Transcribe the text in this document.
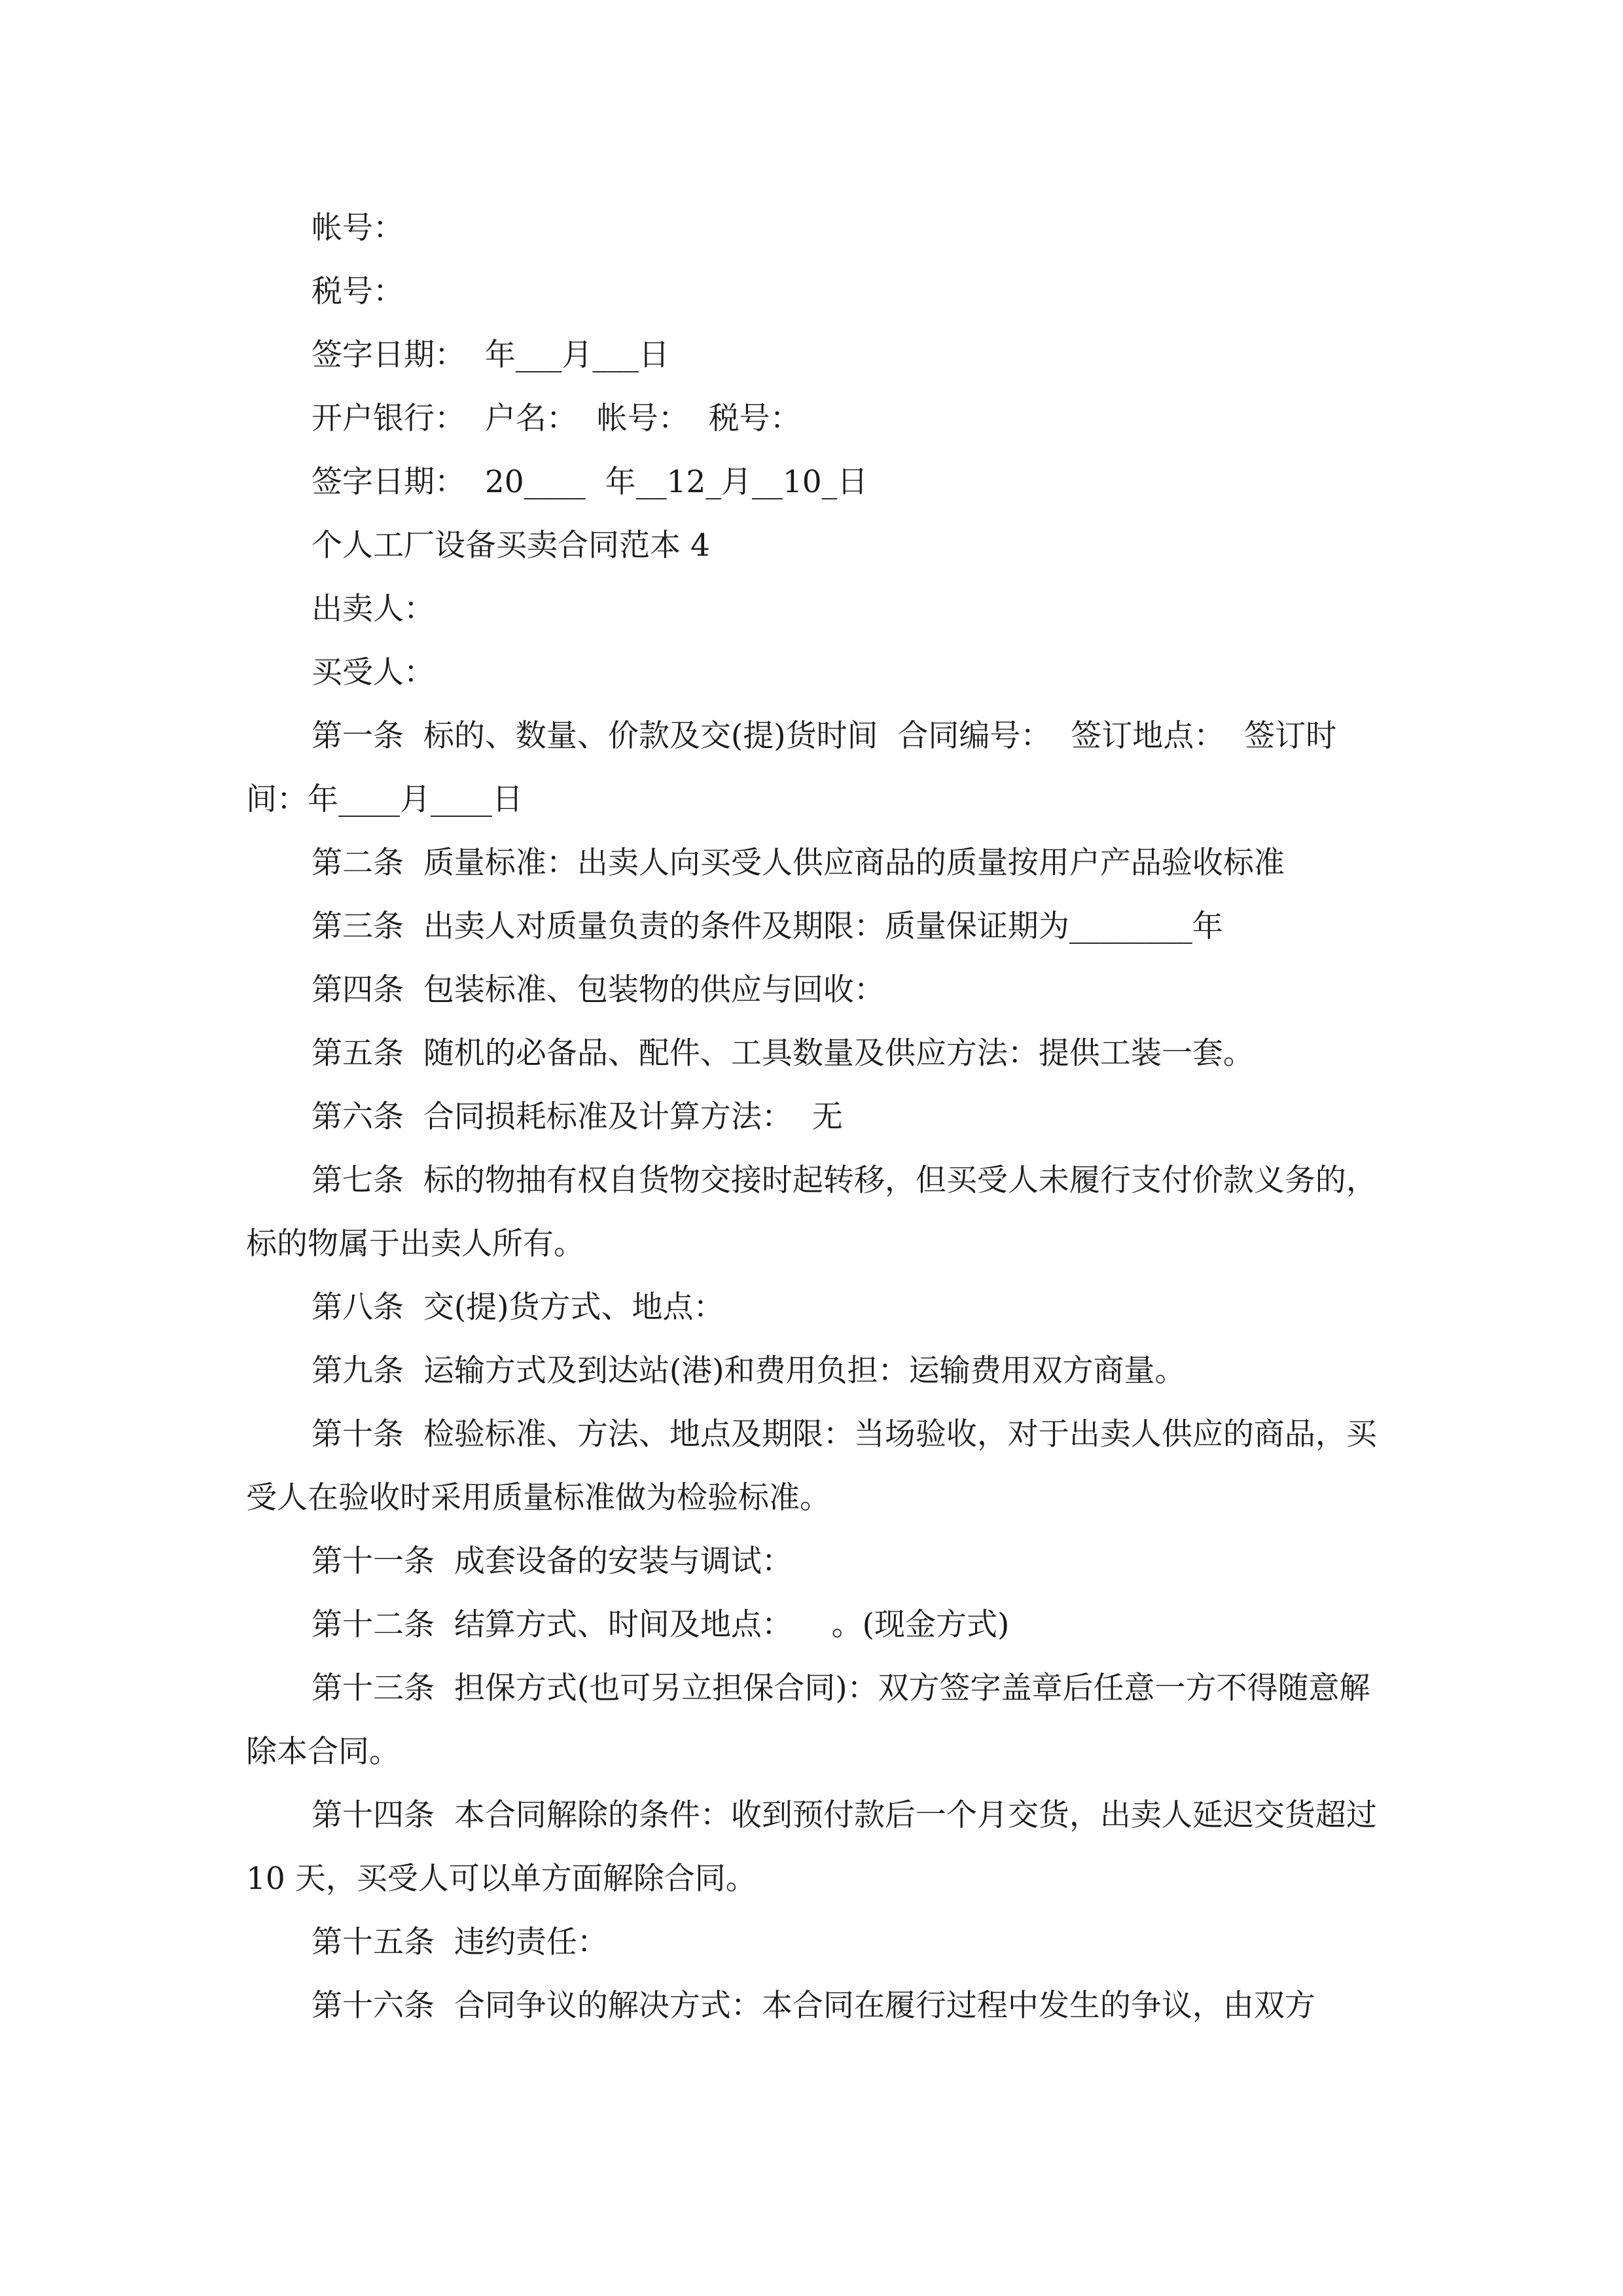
帐号：

税号：

签字日期：  年___月___日

开户银行：  户名：  帐号：  税号：

签字日期：  20____  年__12_月__10_日

个人工厂设备买卖合同范本 4

出卖人：

买受人：

第一条  标的、数量、价款及交(提)货时间  合同编号：  签订地点：  签订时间：年____月____日

第二条  质量标准：出卖人向买受人供应商品的质量按用户产品验收标准

第三条  出卖人对质量负责的条件及期限：质量保证期为________年

第四条  包装标准、包装物的供应与回收：

第五条  随机的必备品、配件、工具数量及供应方法：提供工装一套。

第六条  合同损耗标准及计算方法：  无

第七条  标的物抽有权自货物交接时起转移，但买受人未履行支付价款义务的，标的物属于出卖人所有。

第八条  交(提)货方式、地点：

第九条  运输方式及到达站(港)和费用负担：运输费用双方商量。

第十条  检验标准、方法、地点及期限：当场验收，对于出卖人供应的商品，买受人在验收时采用质量标准做为检验标准。

第十一条  成套设备的安装与调试：

第十二条  结算方式、时间及地点：    。(现金方式)

第十三条  担保方式(也可另立担保合同)：双方签字盖章后任意一方不得随意解除本合同。

第十四条  本合同解除的条件：收到预付款后一个月交货，出卖人延迟交货超过 10 天，买受人可以单方面解除合同。

第十五条  违约责任：

第十六条  合同争议的解决方式：本合同在履行过程中发生的争议，由双方
